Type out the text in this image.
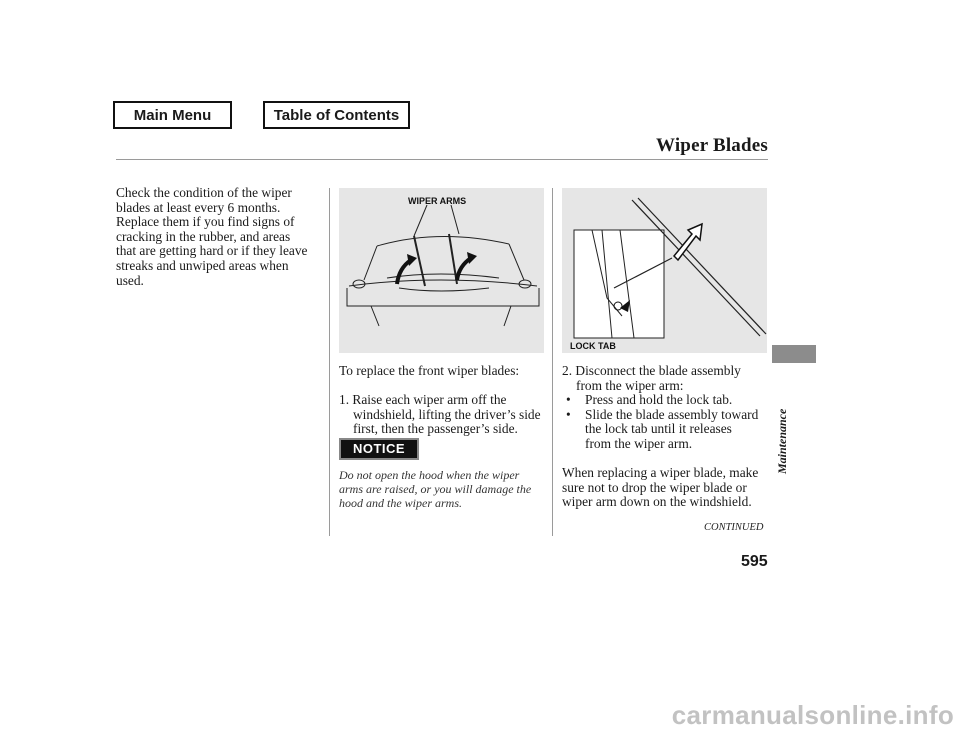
Main Menu	Table of Contents
Wiper Blades
Check the condition of the wiper
blades at least every 6 months.
Replace them if you find signs of
cracking in the rubber, and areas
that are getting hard or if they leave
streaks and unwiped areas when
used.
WIPER ARMS
LOCK TAB
To replace the front wiper blades:
1. Raise each wiper arm off the
windshield, lifting the driver’s side
first, then the passenger’s side.
NOTICE
Do not open the hood when the wiper
arms are raised, or you will damage the
hood and the wiper arms.
2. Disconnect the blade assembly
from the wiper arm:
•	Press and hold the lock tab.
•	Slide the blade assembly toward
the lock tab until it releases
from the wiper arm.
When replacing a wiper blade, make
sure not to drop the wiper blade or
wiper arm down on the windshield.
CONTINUED
595
Maintenance
carmanualsonline.info
